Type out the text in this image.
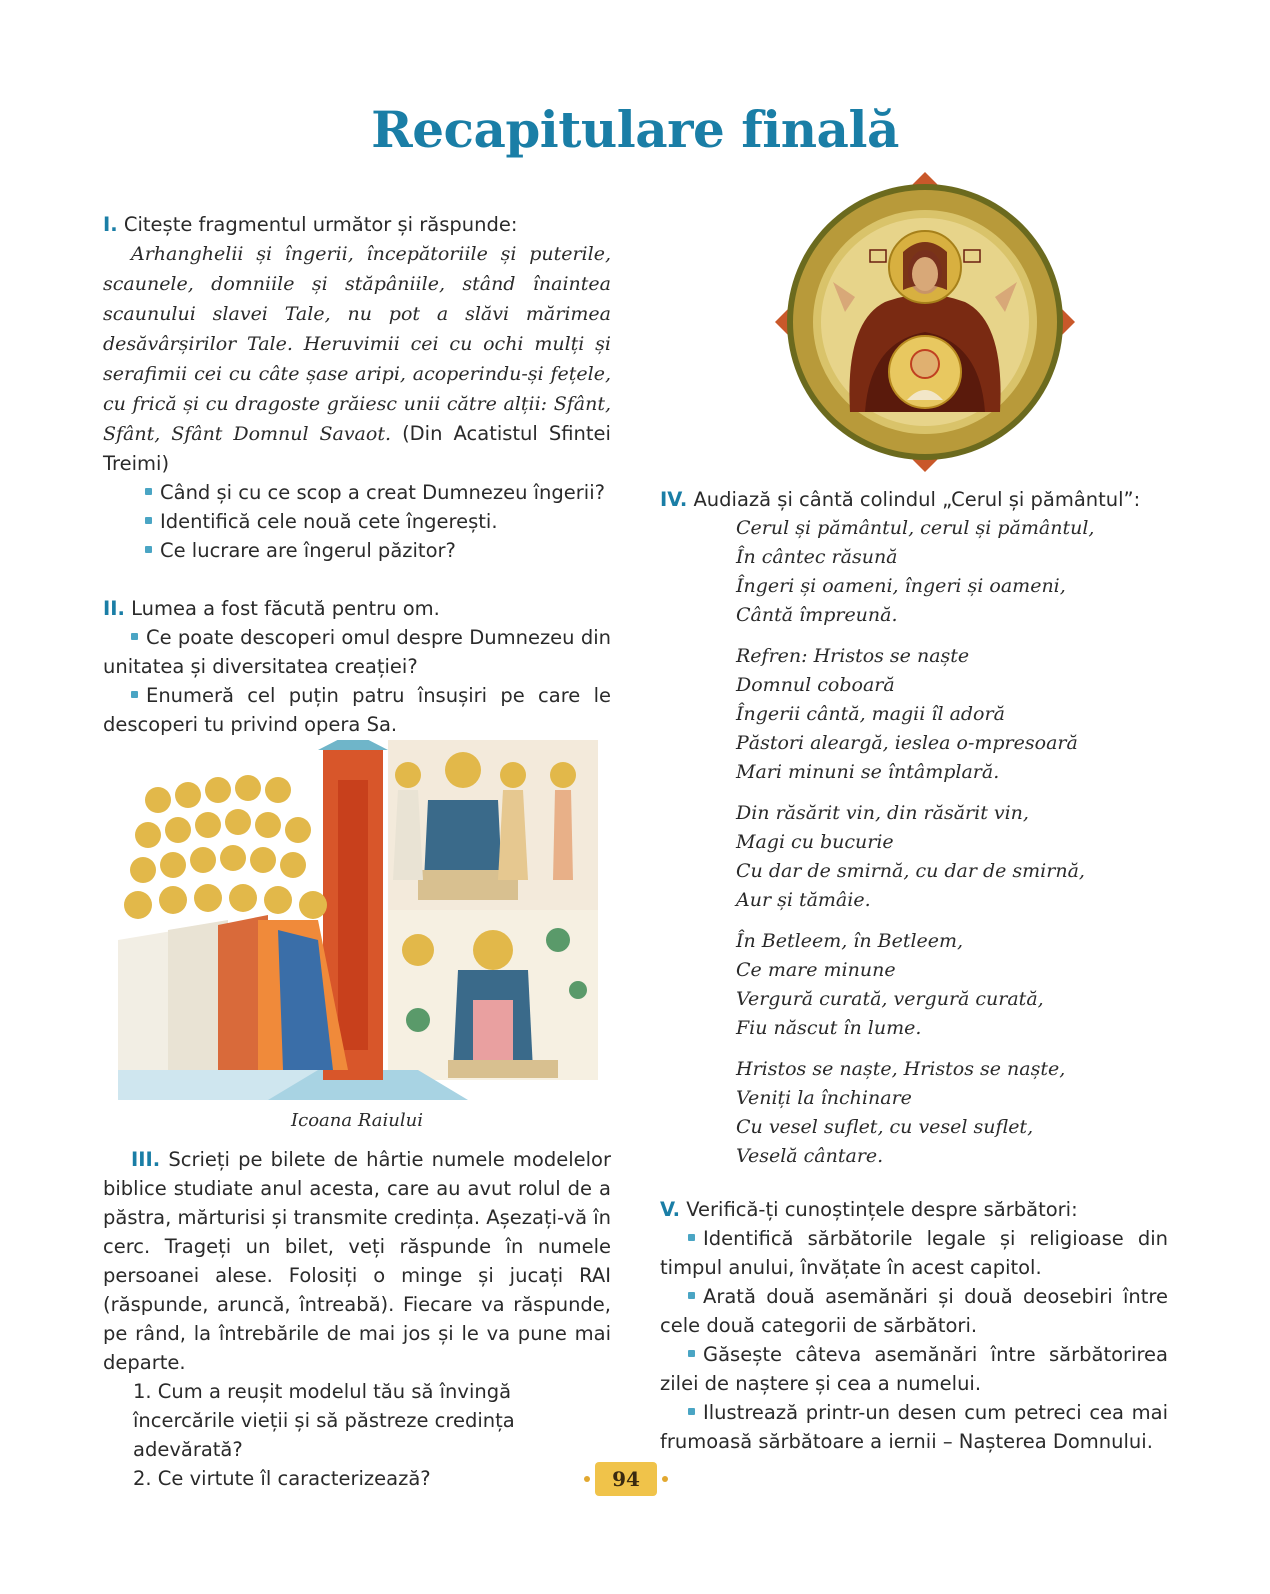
Recapitulare finală

I. Citește fragmentul următor și răspunde:

Arhanghelii și îngerii, începătoriile și puterile, scaunele, domniile și stăpâniile, stând înaintea scaunului slavei Tale, nu pot a slăvi mărimea desăvârșirilor Tale. Heruvimii cei cu ochi mulți și serafimii cei cu câte șase aripi, acoperindu-și fețele, cu frică și cu dragoste grăiesc unii către alții: Sfânt, Sfânt, Sfânt Domnul Savaot. (Din Acatistul Sfintei Treimi)

Când și cu ce scop a creat Dumnezeu îngerii?

Identifică cele nouă cete îngerești.

Ce lucrare are îngerul păzitor?

II. Lumea a fost făcută pentru om.

Ce poate descoperi omul despre Dumnezeu din unitatea și diversitatea creației?

Enumeră cel puțin patru însușiri pe care le descoperi tu privind opera Sa.

Icoana Raiului

III. Scrieți pe bilete de hârtie numele modelelor biblice studiate anul acesta, care au avut rolul de a păstra, mărturisi și transmite credința. Așezați-vă în cerc. Trageți un bilet, veți răspunde în numele persoanei alese. Folosiți o minge și jucați RAI (răspunde, aruncă, întreabă). Fiecare va răspunde, pe rând, la întrebările de mai jos și le va pune mai departe.

1. Cum a reușit modelul tău să învingă încercările vieții și să păstreze credința adevărată?

2. Ce virtute îl caracterizează?

IV. Audiază și cântă colindul „Cerul și pământul”:

Cerul și pământul, cerul și pământul,

În cântec răsună

Îngeri și oameni, îngeri și oameni,

Cântă împreună.

Refren: Hristos se naște

Domnul coboară

Îngerii cântă, magii îl adoră

Păstori aleargă, ieslea o-mpresoară

Mari minuni se întâmplară.

Din răsărit vin, din răsărit vin,

Magi cu bucurie

Cu dar de smirnă, cu dar de smirnă,

Aur și tămâie.

În Betleem, în Betleem,

Ce mare minune

Vergură curată, vergură curată,

Fiu născut în lume.

Hristos se naște, Hristos se naște,

Veniți la închinare

Cu vesel suflet, cu vesel suflet,

Veselă cântare.

V. Verifică-ți cunoștințele despre sărbători:

Identifică sărbătorile legale și religioase din timpul anului, învățate în acest capitol.

Arată două asemănări și două deosebiri între cele două categorii de sărbători.

Găsește câteva asemănări între sărbătorirea zilei de naștere și cea a numelui.

Ilustrează printr-un desen cum petreci cea mai frumoasă sărbătoare a iernii – Nașterea Domnului.

94
